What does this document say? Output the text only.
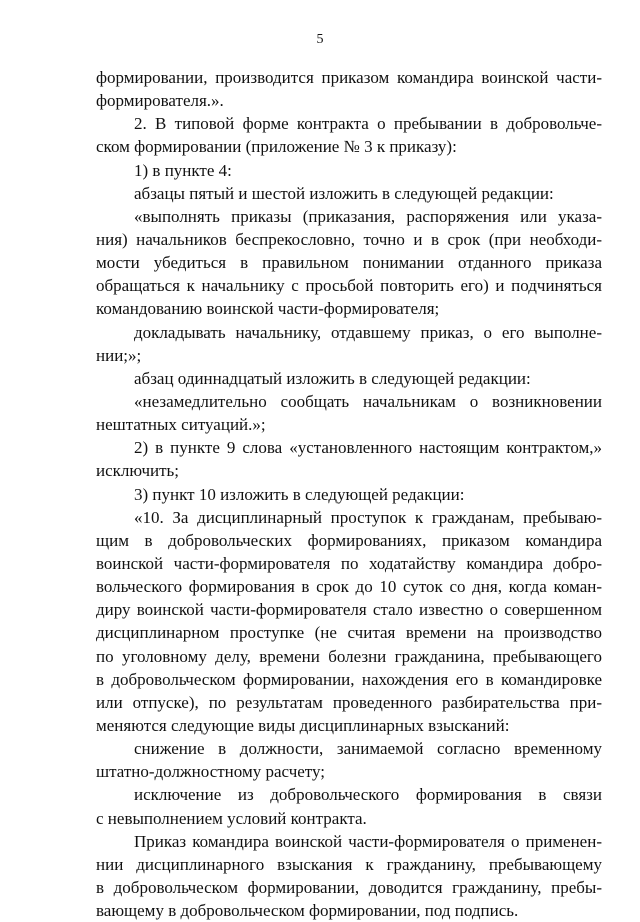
5
формировании, производится приказом командира воинской части-
формирователя.».
2. В типовой форме контракта о пребывании в добровольче-
ском формировании (приложение № 3 к приказу):
1) в пункте 4:
абзацы пятый и шестой изложить в следующей редакции:
«выполнять приказы (приказания, распоряжения или указа-
ния) начальников беспрекословно, точно и в срок (при необходи-
мости убедиться в правильном понимании отданного приказа
обращаться к начальнику с просьбой повторить его) и подчиняться
командованию воинской части-формирователя;
докладывать начальнику, отдавшему приказ, о его выполне-
нии;»;
абзац одиннадцатый изложить в следующей редакции:
«незамедлительно сообщать начальникам о возникновении
нештатных ситуаций.»;
2) в пункте 9 слова «установленного настоящим контрактом,»
исключить;
3) пункт 10 изложить в следующей редакции:
«10. За дисциплинарный проступок к гражданам, пребываю-
щим в добровольческих формированиях, приказом командира
воинской части-формирователя по ходатайству командира добро-
вольческого формирования в срок до 10 суток со дня, когда коман-
диру воинской части-формирователя стало известно о совершенном
дисциплинарном проступке (не считая времени на производство
по уголовному делу, времени болезни гражданина, пребывающего
в добровольческом формировании, нахождения его в командировке
или отпуске), по результатам проведенного разбирательства при-
меняются следующие виды дисциплинарных взысканий:
снижение в должности, занимаемой согласно временному
штатно-должностному расчету;
исключение из добровольческого формирования в связи
с невыполнением условий контракта.
Приказ командира воинской части-формирователя о применен-
нии дисциплинарного взыскания к гражданину, пребывающему
в добровольческом формировании, доводится гражданину, пребы-
вающему в добровольческом формировании, под подпись.
